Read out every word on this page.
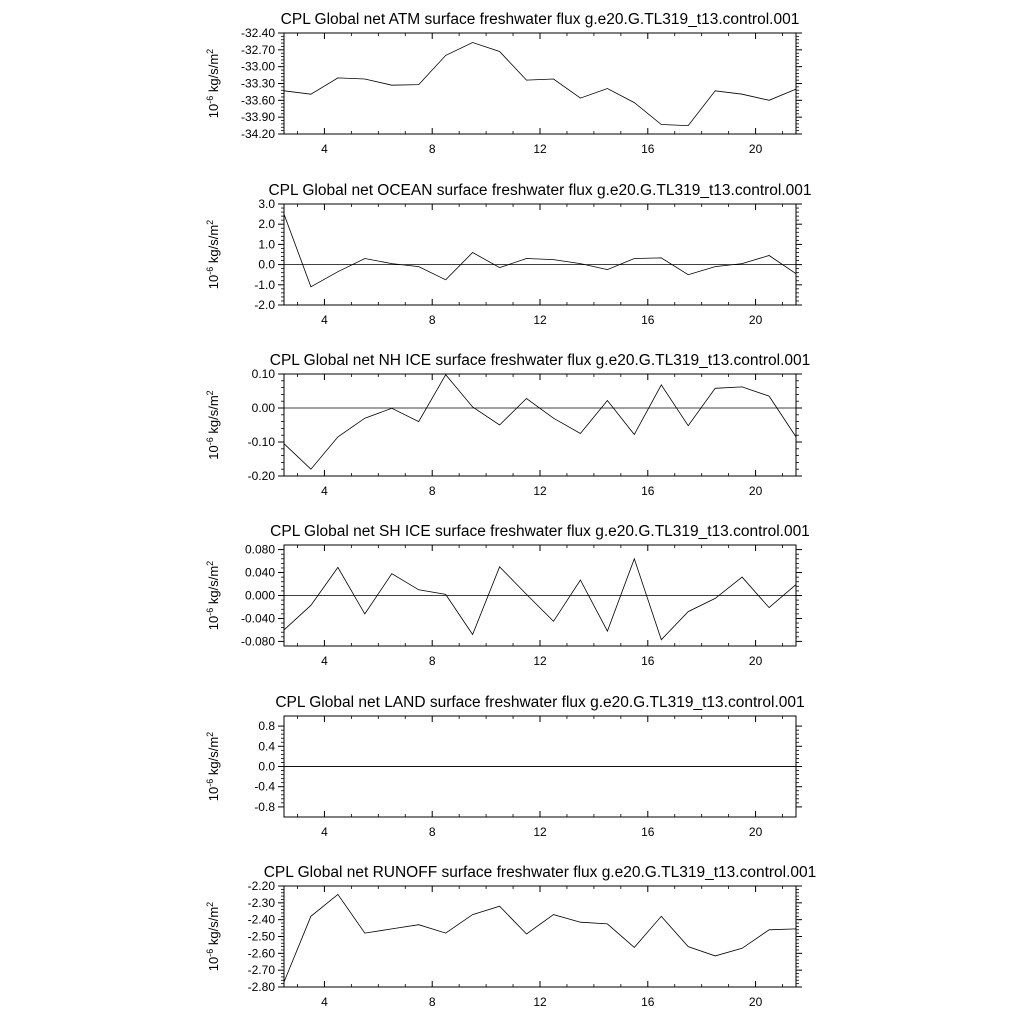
CPL Global net ATM surface freshwater flux g.e20.G.TL319_t13.control.001
$10^{-6}$ $kg/s/m^2$
4	8	12	16	20
-34.20
-33.90
-33.60
-33.30
-33.00
-32.70
-32.40
CPL Global net OCEAN surface freshwater flux g.e20.G.TL319_t13.control.001
$10^{-6}$ $kg/s/m^2$
4	8	12	16	20
-2.0
-1.0
0.0
1.0
2.0
3.0
CPL Global net NH ICE surface freshwater flux g.e20.G.TL319_t13.control.001
$10^{-6}$ $kg/s/m^2$
4	8	12	16	20
-0.20
-0.10
0.00
0.10
CPL Global net SH ICE surface freshwater flux g.e20.G.TL319_t13.control.001
$10^{-6}$ $kg/s/m^2$
4	8	12	16	20
-0.080
-0.040
0.000
0.040
0.080
CPL Global net LAND surface freshwater flux g.e20.G.TL319_t13.control.001
$10^{-6}$ $kg/s/m^2$
4	8	12	16	20
-0.8
-0.4
0.0
0.4
0.8
CPL Global net RUNOFF surface freshwater flux g.e20.G.TL319_t13.control.001
$10^{-6}$ $kg/s/m^2$
4	8	12	16	20
-2.80
-2.70
-2.60
-2.50
-2.40
-2.30
-2.20
